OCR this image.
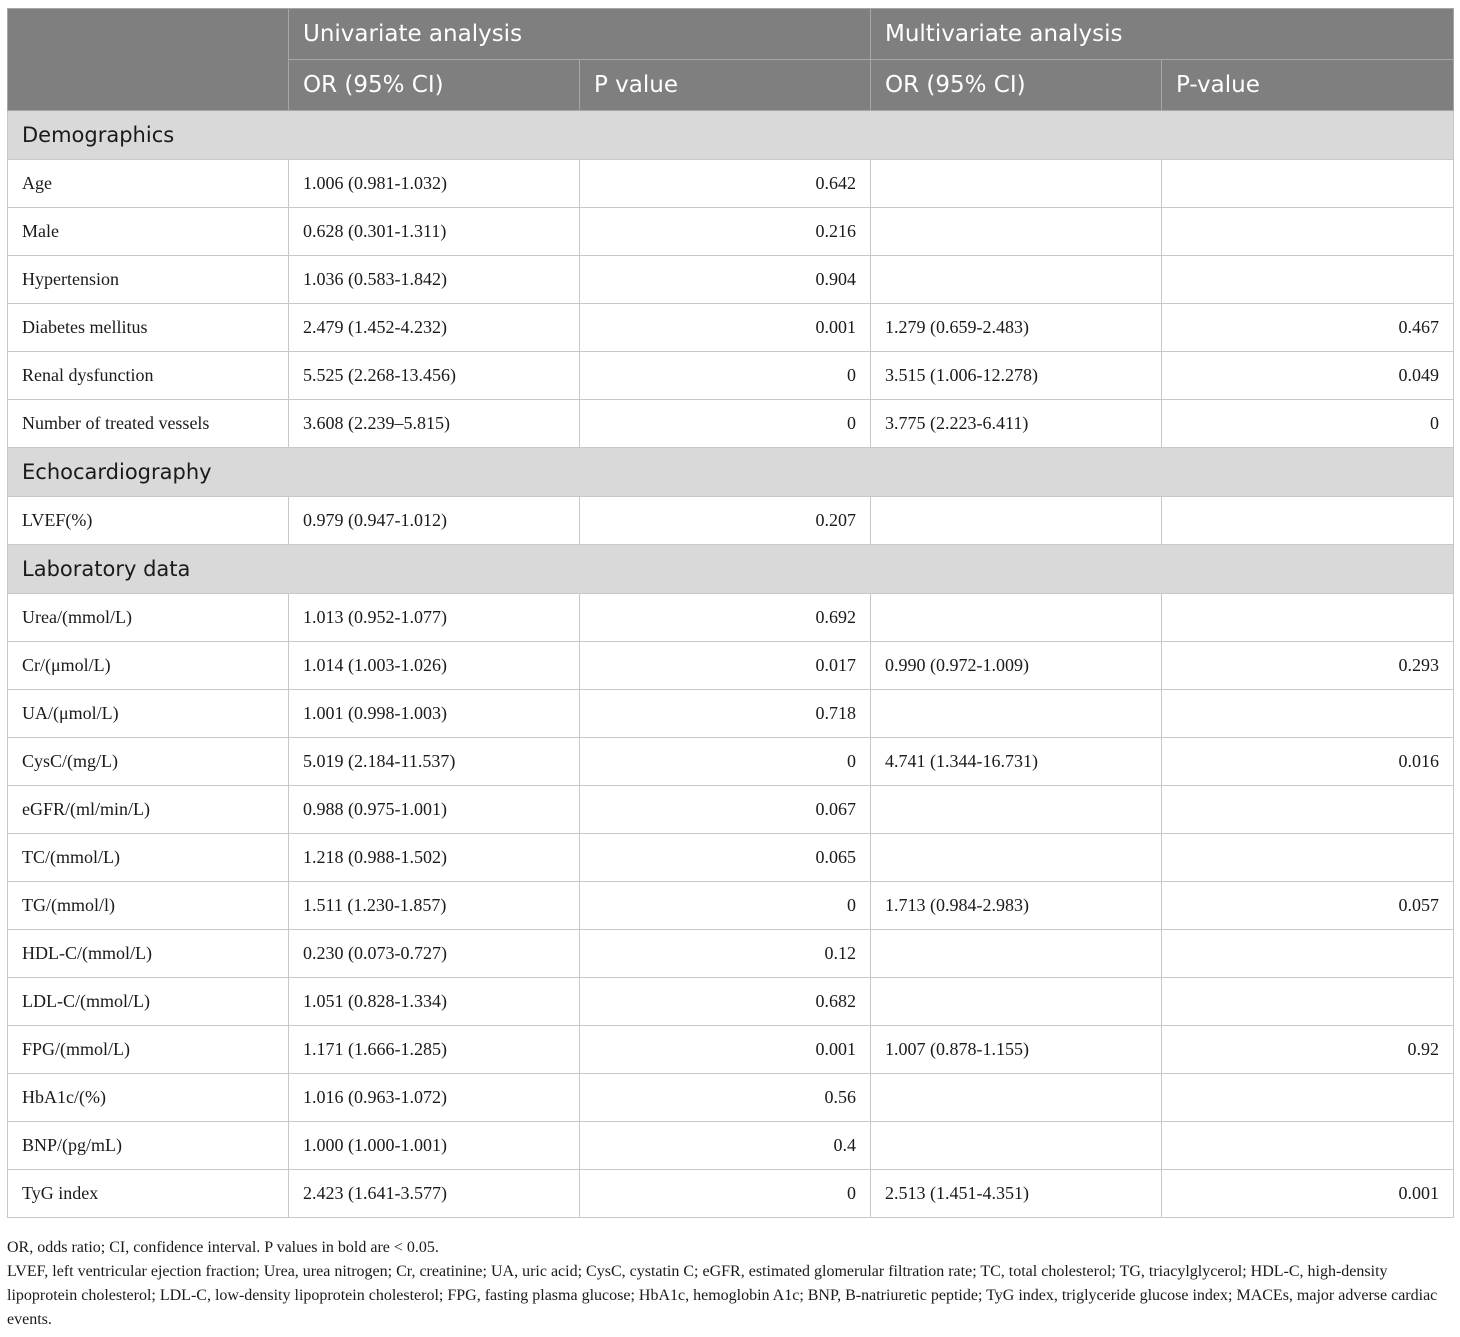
	Univariate analysis		Multivariate analysis	
	OR (95% CI)	P value	OR (95% CI)	P-value
Demographics				
Age	1.006 (0.981-1.032)	0.642		
Male	0.628 (0.301-1.311)	0.216		
Hypertension	1.036 (0.583-1.842)	0.904		
Diabetes mellitus	2.479 (1.452-4.232)	0.001	1.279 (0.659-2.483)	0.467
Renal dysfunction	5.525 (2.268-13.456)	0	3.515 (1.006-12.278)	0.049
Number of treated vessels	3.608 (2.239–5.815)	0	3.775 (2.223-6.411)	0
Echocardiography				
LVEF(%)	0.979 (0.947-1.012)	0.207		
Laboratory data				
Urea/(mmol/L)	1.013 (0.952-1.077)	0.692		
Cr/(μmol/L)	1.014 (1.003-1.026)	0.017	0.990 (0.972-1.009)	0.293
UA/(μmol/L)	1.001 (0.998-1.003)	0.718		
CysC/(mg/L)	5.019 (2.184-11.537)	0	4.741 (1.344-16.731)	0.016
eGFR/(ml/min/L)	0.988 (0.975-1.001)	0.067		
TC/(mmol/L)	1.218 (0.988-1.502)	0.065		
TG/(mmol/l)	1.511 (1.230-1.857)	0	1.713 (0.984-2.983)	0.057
HDL-C/(mmol/L)	0.230 (0.073-0.727)	0.12		
LDL-C/(mmol/L)	1.051 (0.828-1.334)	0.682		
FPG/(mmol/L)	1.171 (1.666-1.285)	0.001	1.007 (0.878-1.155)	0.92
HbA1c/(%)	1.016 (0.963-1.072)	0.56		
BNP/(pg/mL)	1.000 (1.000-1.001)	0.4		
TyG index	2.423 (1.641-3.577)	0	2.513 (1.451-4.351)	0.001

OR, odds ratio; CI, confidence interval. P values in bold are < 0.05.

LVEF, left ventricular ejection fraction; Urea, urea nitrogen; Cr, creatinine; UA, uric acid; CysC, cystatin C; eGFR, estimated glomerular filtration rate; TC, total cholesterol; TG, triacylglycerol; HDL-C, high-density lipoprotein cholesterol; LDL-C, low-density lipoprotein cholesterol; FPG, fasting plasma glucose; HbA1c, hemoglobin A1c; BNP, B-natriuretic peptide; TyG index, triglyceride glucose index; MACEs, major adverse cardiac events.
